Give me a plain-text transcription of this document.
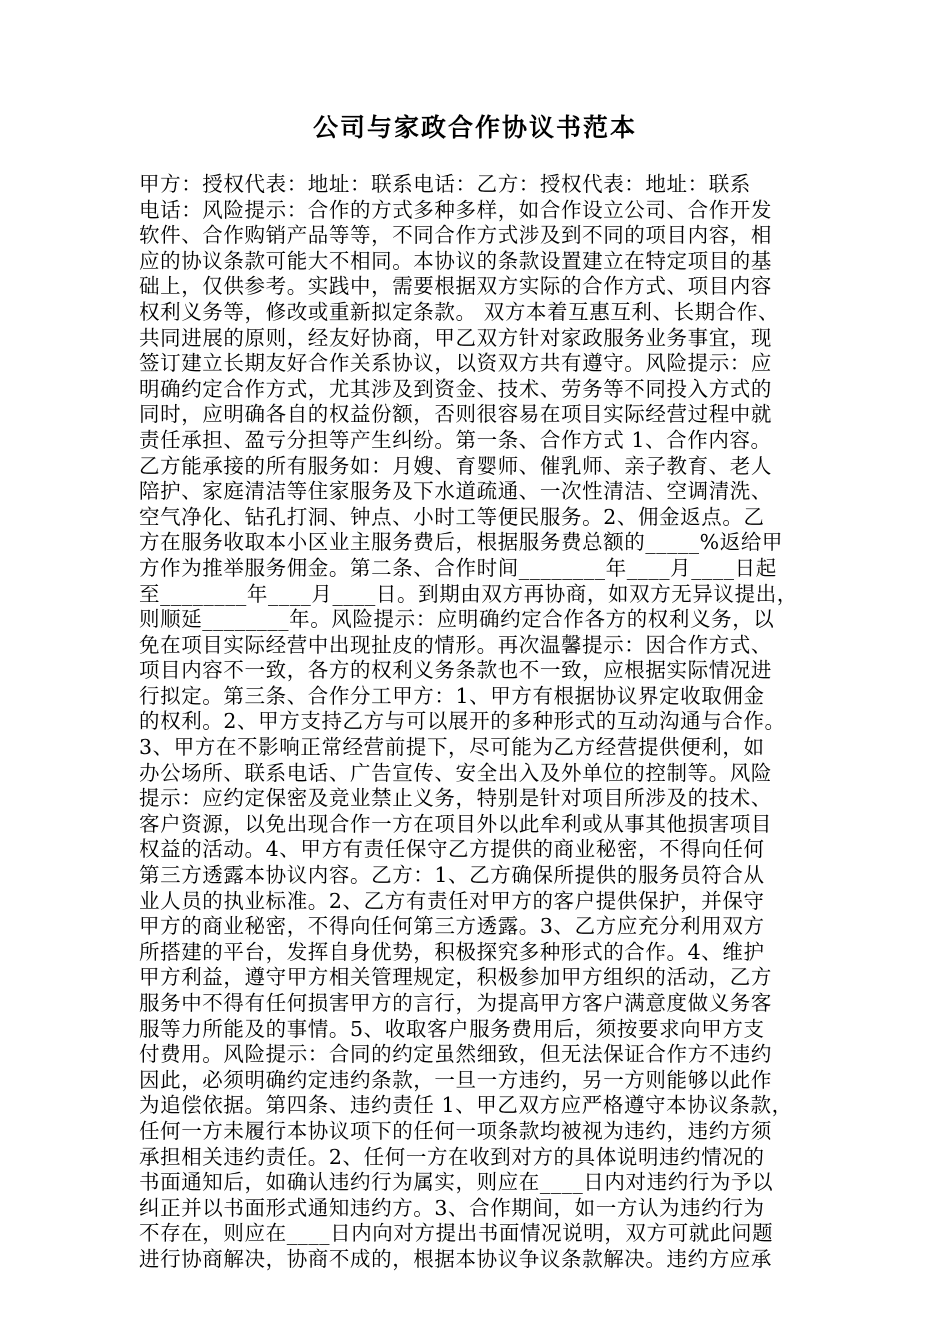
公司与家政合作协议书范本
甲方：授权代表：地址：联系电话：乙方：授权代表：地址：联系
电话：风险提示：合作的方式多种多样，如合作设立公司、合作开发
软件、合作购销产品等等，不同合作方式涉及到不同的项目内容，相
应的协议条款可能大不相同。本协议的条款设置建立在特定项目的基
础上，仅供参考。实践中，需要根据双方实际的合作方式、项目内容
权利义务等，修改或重新拟定条款。 双方本着互惠互利、长期合作、
共同进展的原则，经友好协商，甲乙双方针对家政服务业务事宜，现
签订建立长期友好合作关系协议，以资双方共有遵守。风险提示：应
明确约定合作方式，尤其涉及到资金、技术、劳务等不同投入方式的
同时，应明确各自的权益份额，否则很容易在项目实际经营过程中就
责任承担、盈亏分担等产生纠纷。第一条、合作方式 1、合作内容。
乙方能承接的所有服务如：月嫂、育婴师、催乳师、亲子教育、老人
陪护、家庭清洁等住家服务及下水道疏通、一次性清洁、空调清洗、
空气净化、钻孔打洞、钟点、小时工等便民服务。2、佣金返点。乙
方在服务收取本小区业主服务费后，根据服务费总额的_____%返给甲
方作为推举服务佣金。第二条、合作时间________年____月____日起
至________年____月____日。到期由双方再协商，如双方无异议提出，
则顺延________年。风险提示：应明确约定合作各方的权利义务，以
免在项目实际经营中出现扯皮的情形。再次温馨提示：因合作方式、
项目内容不一致，各方的权利义务条款也不一致，应根据实际情况进
行拟定。第三条、合作分工甲方：1、甲方有根据协议界定收取佣金
的权利。2、甲方支持乙方与可以展开的多种形式的互动沟通与合作。
3、甲方在不影响正常经营前提下，尽可能为乙方经营提供便利，如
办公场所、联系电话、广告宣传、安全出入及外单位的控制等。风险
提示：应约定保密及竞业禁止义务，特别是针对项目所涉及的技术、
客户资源，以免出现合作一方在项目外以此牟利或从事其他损害项目
权益的活动。4、甲方有责任保守乙方提供的商业秘密，不得向任何
第三方透露本协议内容。乙方：1、乙方确保所提供的服务员符合从
业人员的执业标准。2、乙方有责任对甲方的客户提供保护，并保守
甲方的商业秘密，不得向任何第三方透露。3、乙方应充分利用双方
所搭建的平台，发挥自身优势，积极探究多种形式的合作。4、维护
甲方利益，遵守甲方相关管理规定，积极参加甲方组织的活动，乙方
服务中不得有任何损害甲方的言行，为提高甲方客户满意度做义务客
服等力所能及的事情。5、收取客户服务费用后，须按要求向甲方支
付费用。风险提示：合同的约定虽然细致，但无法保证合作方不违约
因此，必须明确约定违约条款，一旦一方违约，另一方则能够以此作
为追偿依据。第四条、违约责任 1、甲乙双方应严格遵守本协议条款，
任何一方未履行本协议项下的任何一项条款均被视为违约，违约方须
承担相关违约责任。2、任何一方在收到对方的具体说明违约情况的
书面通知后，如确认违约行为属实，则应在____日内对违约行为予以
纠正并以书面形式通知违约方。3、合作期间，如一方认为违约行为
不存在，则应在____日内向对方提出书面情况说明，双方可就此问题
进行协商解决，协商不成的，根据本协议争议条款解决。违约方应承
